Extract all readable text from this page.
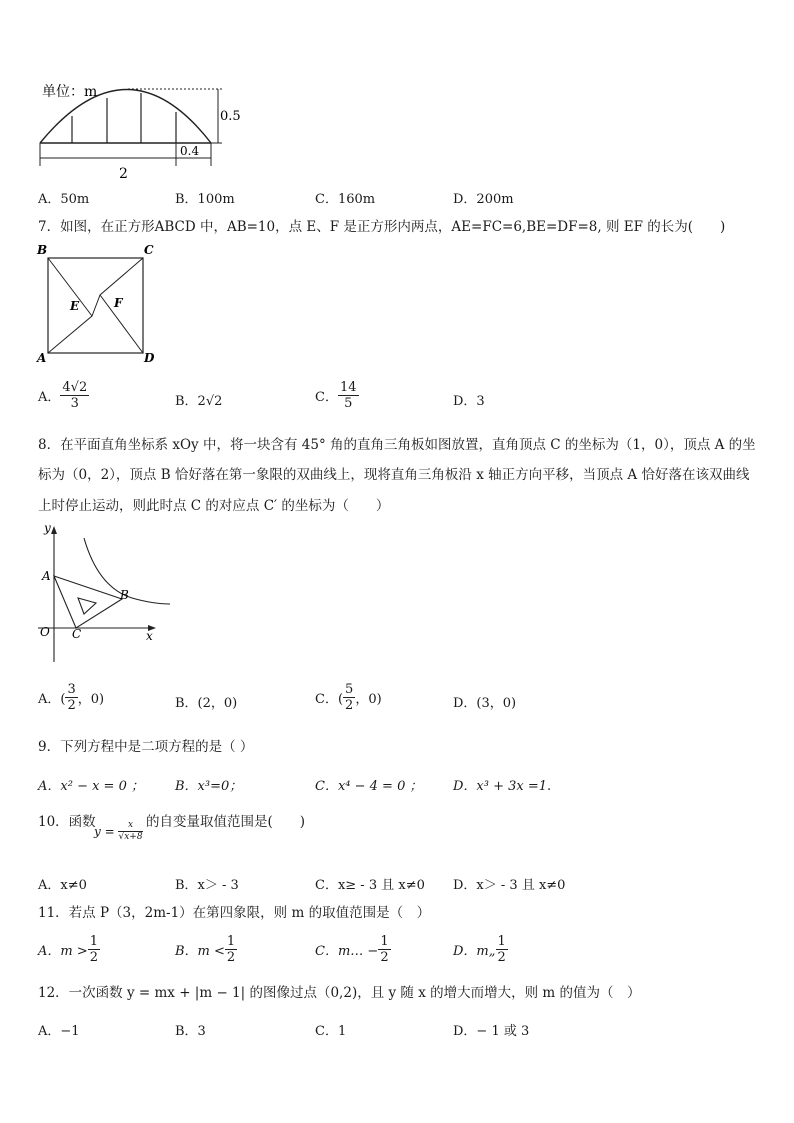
单位：m
0.5
0.4
2
A．50m	B．100m	C．160m	D．200m
7．如图，在正方形ABCD 中，AB=10，点 E、F 是正方形内两点，AE=FC=6,BE=DF=8, 则 EF 的长为(　　)
B	C
A	D
E	F
A． $\frac{4√2}{3}$	B．2√2	C． $\frac{14}{5}$	D．3
8．在平面直角坐标系 xOy 中，将一块含有 45° 角的直角三角板如图放置，直角顶点 C 的坐标为（1，0），顶点 A 的坐
标为（0，2），顶点 B 恰好落在第一象限的双曲线上，现将直角三角板沿 x 轴正方向平移，当顶点 A 恰好落在该双曲线
上时停止运动，则此时点 C 的对应点 C′ 的坐标为（　　）
y
A
B
O C	x
A．( $\frac{3}{2}$ ，0)	B．(2，0)	C．( $\frac{5}{2}$ ，0)	D．(3，0)
9．下列方程中是二项方程的是（ ）
A．x² − x = 0 ； B．x³=0；	C．x⁴ − 4 = 0 ； D．x³ + 3x =1.
10．函数
$y = \frac{x}{√x+8}$ 的自变量取值范围是(　　)
A．x≠0	B．x＞ - 3	C．x≥ - 3 且 x≠0 D．x＞ - 3 且 x≠0
11．若点 P（3，2m-1）在第四象限，则 m 的取值范围是（　）
A．$m > \frac{1}{2}$	B．$m < \frac{1}{2}$	C．m… − $\frac{1}{2}$	D．m„ $\frac{1}{2}$
12．一次函数 y = mx + |m − 1| 的图像过点（0,2)，且 y 随 x 的增大而增大，则 m 的值为（　）
A．−1	B．3	C．1	D．− 1 或 3
